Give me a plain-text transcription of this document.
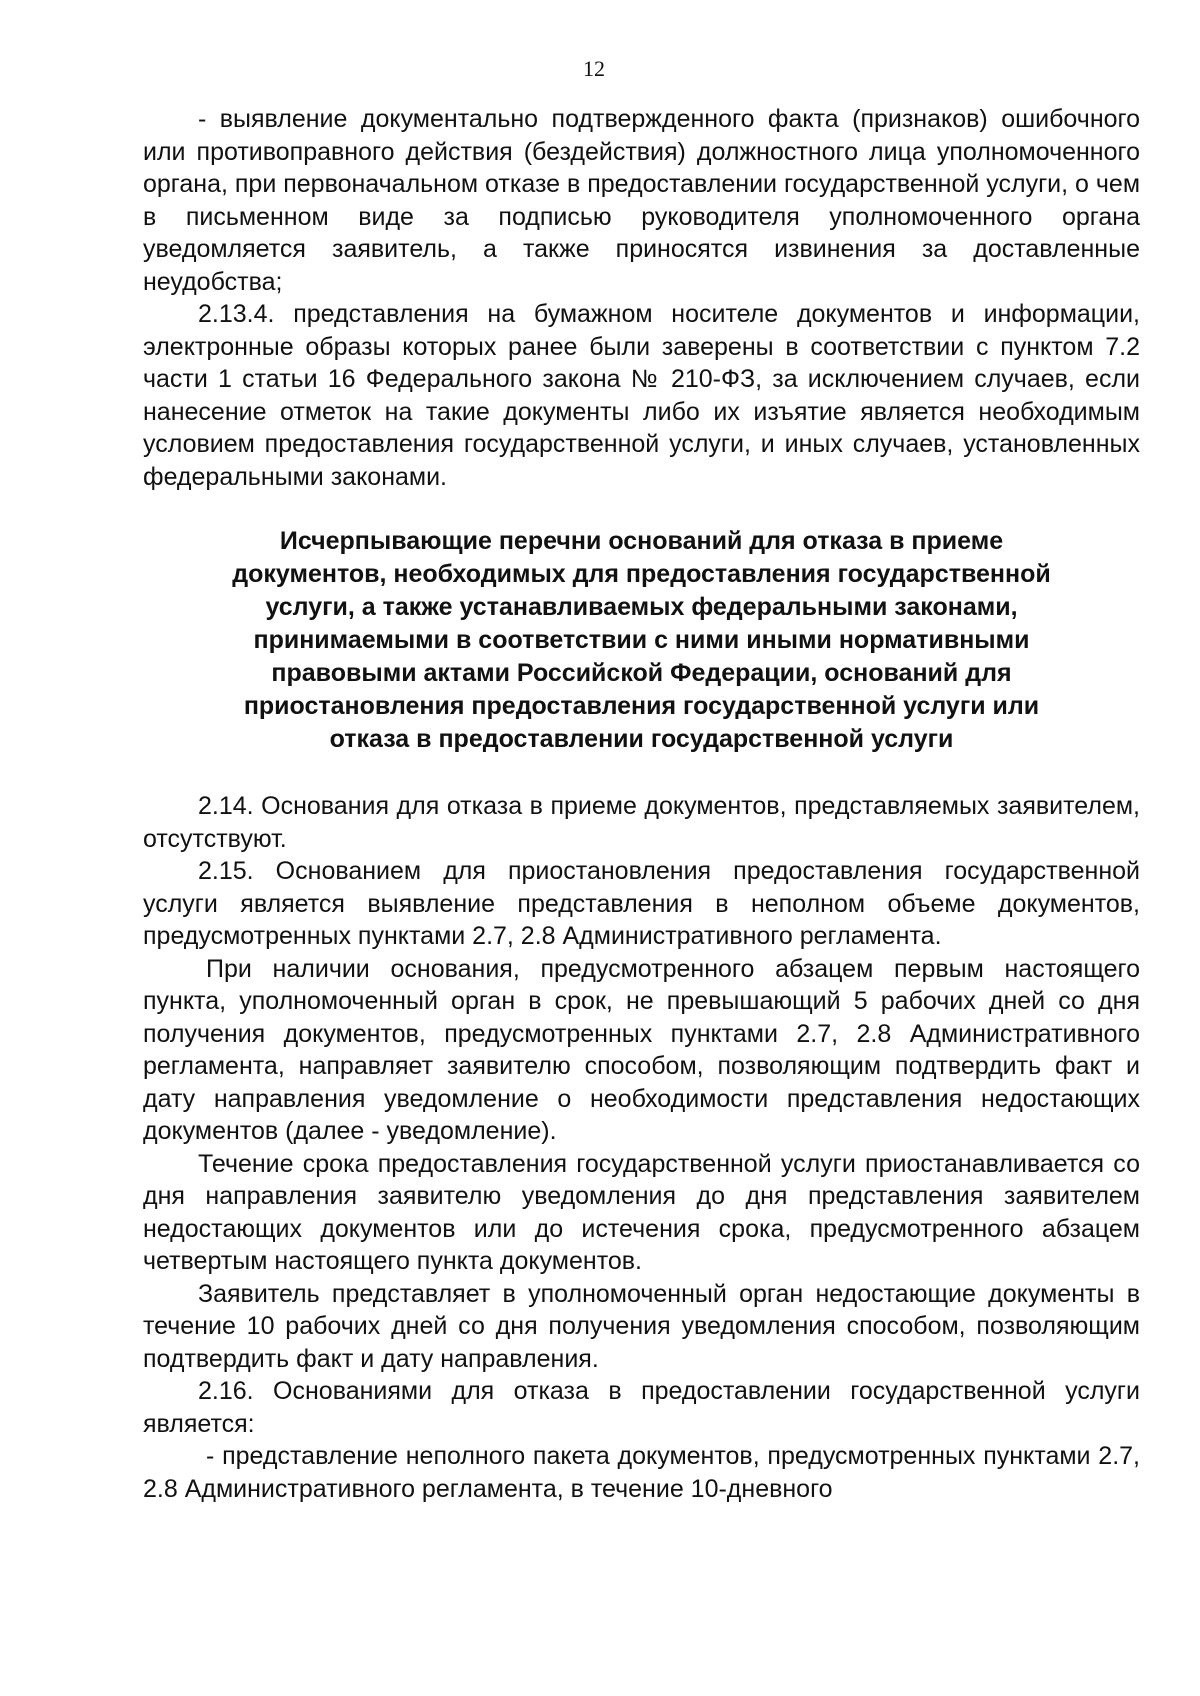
12

- выявление документально подтвержденного факта (признаков) ошибочного или противоправного действия (бездействия) должностного лица уполномоченного органа, при первоначальном отказе в предоставлении государственной услуги, о чем в письменном виде за подписью руководителя уполномоченного органа уведомляется заявитель, а также приносятся извинения за доставленные неудобства;

2.13.4. представления на бумажном носителе документов и информации, электронные образы которых ранее были заверены в соответствии с пунктом 7.2 части 1 статьи 16 Федерального закона № 210-ФЗ, за исключением случаев, если нанесение отметок на такие документы либо их изъятие является необходимым условием предоставления государственной услуги, и иных случаев, установленных федеральными законами.

Исчерпывающие перечни оснований для отказа в приеме
документов, необходимых для предоставления государственной
услуги, а также устанавливаемых федеральными законами,
принимаемыми в соответствии с ними иными нормативными
правовыми актами Российской Федерации, оснований для
приостановления предоставления государственной услуги или
отказа в предоставлении государственной услуги

2.14. Основания для отказа в приеме документов, представляемых заявителем, отсутствуют.

2.15. Основанием для приостановления предоставления государственной услуги является выявление представления в неполном объеме документов, предусмотренных пунктами 2.7, 2.8 Административного регламента.

При наличии основания, предусмотренного абзацем первым настоящего пункта, уполномоченный орган в срок, не превышающий 5 рабочих дней со дня получения документов, предусмотренных пунктами 2.7, 2.8 Административного регламента, направляет заявителю способом, позволяющим подтвердить факт и дату направления уведомление о необходимости представления недостающих документов (далее - уведомление).

Течение срока предоставления государственной услуги приостанавливается со дня направления заявителю уведомления до дня представления заявителем недостающих документов или до истечения срока, предусмотренного абзацем четвертым настоящего пункта документов.

Заявитель представляет в уполномоченный орган недостающие документы в течение 10 рабочих дней со дня получения уведомления способом, позволяющим подтвердить факт и дату направления.

2.16. Основаниями для отказа в предоставлении государственной услуги является:

- представление неполного пакета документов, предусмотренных пунктами 2.7, 2.8 Административного регламента, в течение 10-дневного
